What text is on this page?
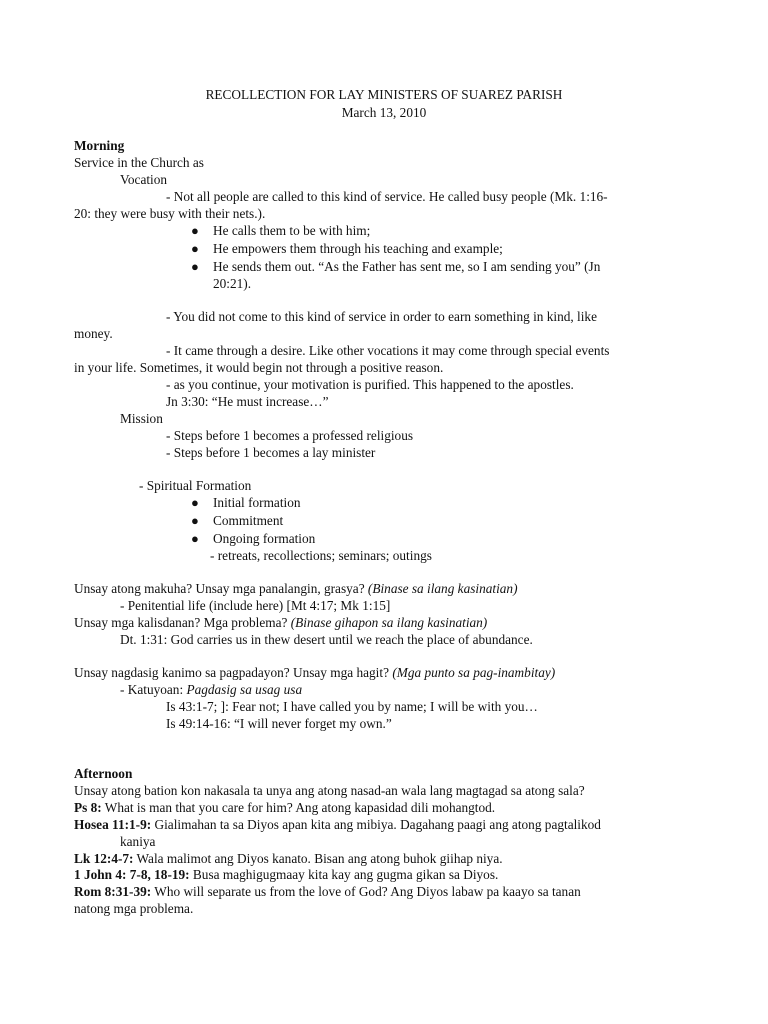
RECOLLECTION FOR LAY MINISTERS OF SUAREZ PARISH
March 13, 2010
Morning
Service in the Church as
Vocation
- Not all people are called to this kind of service. He called busy people (Mk. 1:16-
20: they were busy with their nets.).
● He calls them to be with him;
● He empowers them through his teaching and example;
● He sends them out. “As the Father has sent me, so I am sending you” (Jn
20:21).
- You did not come to this kind of service in order to earn something in kind, like
money.
- It came through a desire. Like other vocations it may come through special events
in your life. Sometimes, it would begin not through a positive reason.
- as you continue, your motivation is purified. This happened to the apostles.
Jn 3:30: “He must increase…”
Mission
- Steps before 1 becomes a professed religious
- Steps before 1 becomes a lay minister
- Spiritual Formation
● Initial formation
● Commitment
● Ongoing formation
- retreats, recollections; seminars; outings
Unsay atong makuha? Unsay mga panalangin, grasya? (Binase sa ilang kasinatian)
- Penitential life (include here) [Mt 4:17; Mk 1:15]
Unsay mga kalisdanan? Mga problema? (Binase gihapon sa ilang kasinatian)
Dt. 1:31: God carries us in thew desert until we reach the place of abundance.
Unsay nagdasig kanimo sa pagpadayon? Unsay mga hagit? (Mga punto sa pag-inambitay)
- Katuyoan: Pagdasig sa usag usa
Is 43:1-7; ]: Fear not; I have called you by name; I will be with you…
Is 49:14-16: “I will never forget my own.”
Afternoon
Unsay atong bation kon nakasala ta unya ang atong nasad-an wala lang magtagad sa atong sala?
Ps 8: What is man that you care for him? Ang atong kapasidad dili mohangtod.
Hosea 11:1-9: Gialimahan ta sa Diyos apan kita ang mibiya. Dagahang paagi ang atong pagtalikod
kaniya
Lk 12:4-7: Wala malimot ang Diyos kanato. Bisan ang atong buhok giihap niya.
1 John 4: 7-8, 18-19: Busa maghigugmaay kita kay ang gugma gikan sa Diyos.
Rom 8:31-39: Who will separate us from the love of God? Ang Diyos labaw pa kaayo sa tanan
natong mga problema.
